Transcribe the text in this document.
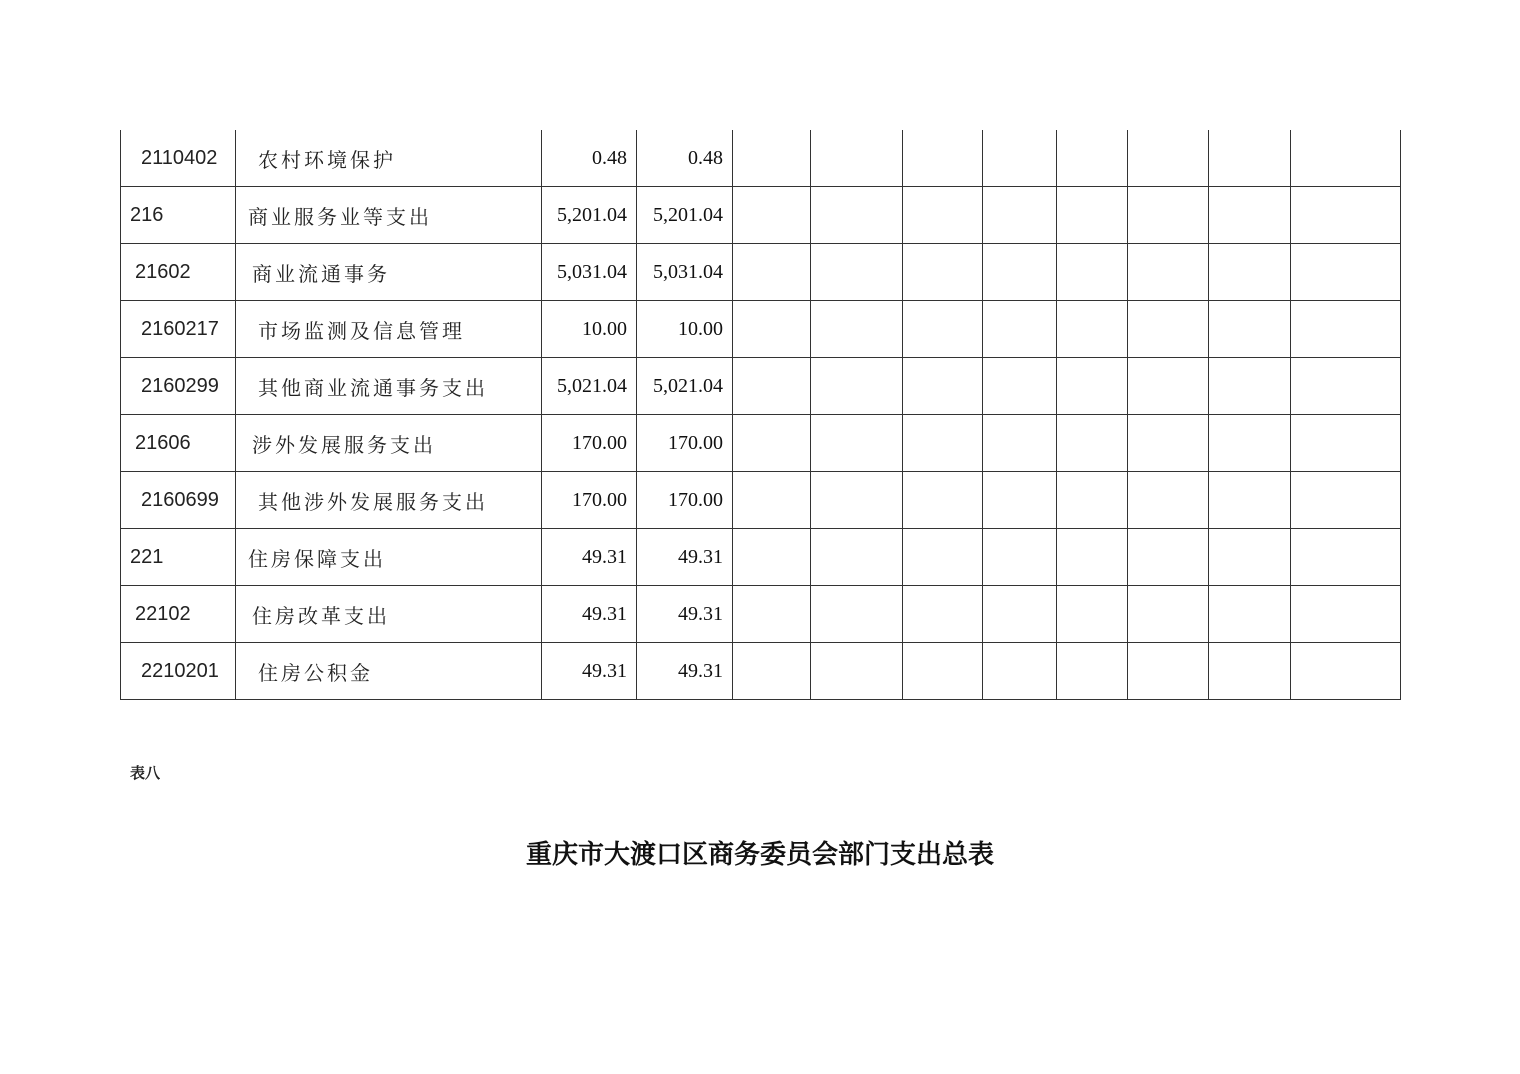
2110402	农村环境保护	0.48	0.48								
216	商业服务业等支出	5,201.04	5,201.04								
21602	商业流通事务	5,031.04	5,031.04								
2160217	市场监测及信息管理	10.00	10.00								
2160299	其他商业流通事务支出	5,021.04	5,021.04								
21606	涉外发展服务支出	170.00	170.00								
2160699	其他涉外发展服务支出	170.00	170.00								
221	住房保障支出	49.31	49.31								
22102	住房改革支出	49.31	49.31								
2210201	住房公积金	49.31	49.31								
表八
重庆市大渡口区商务委员会部门支出总表
